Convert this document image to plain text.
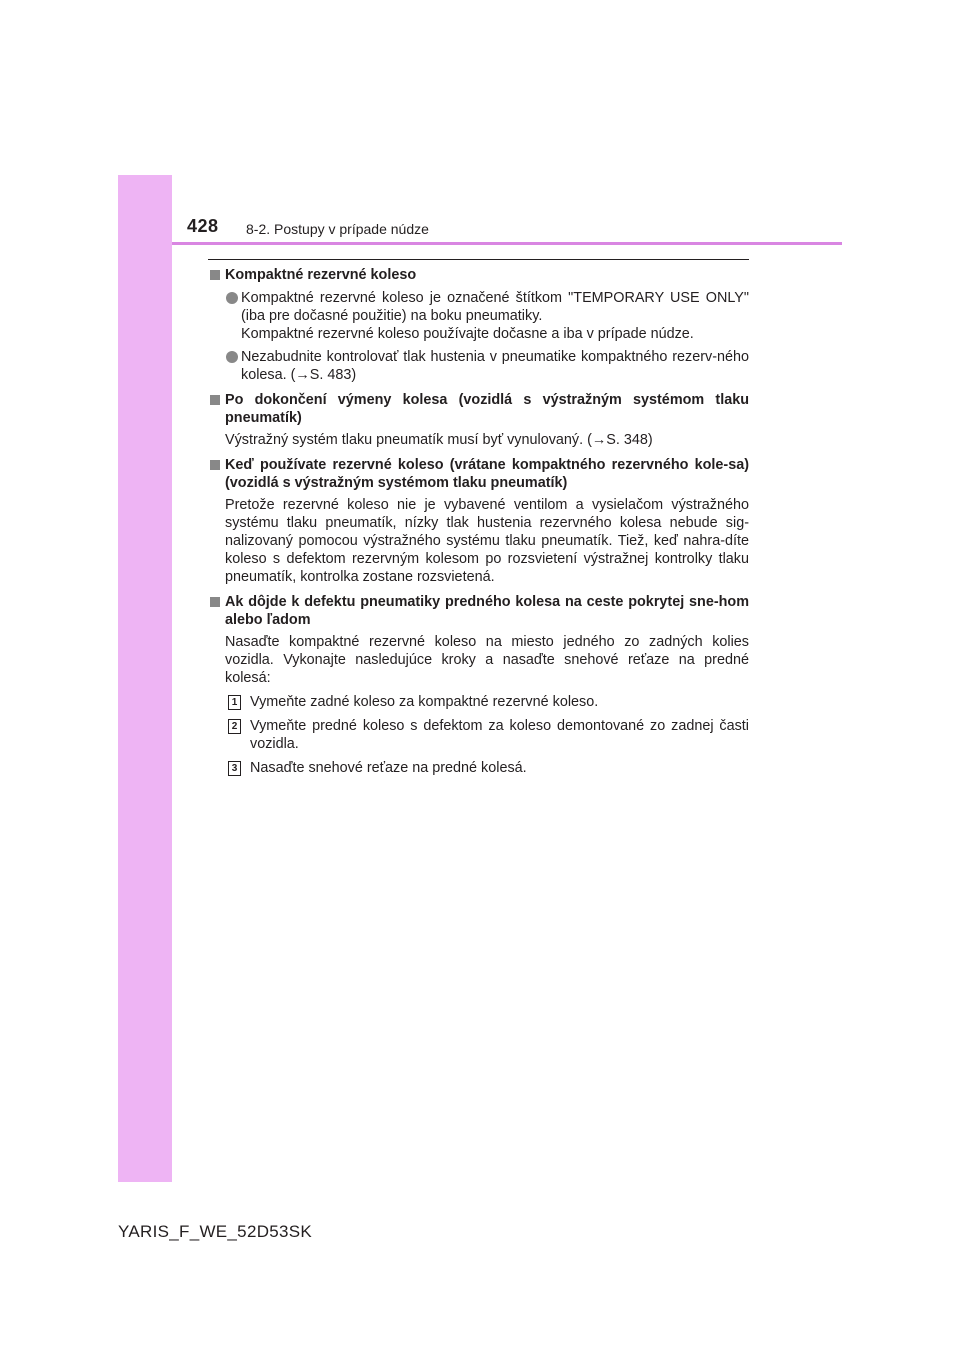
428 8-2. Postupy v prípade núdze
Kompaktné rezervné koleso
Kompaktné rezervné koleso je označené štítkom "TEMPORARY USE ONLY" (iba pre dočasné použitie) na boku pneumatiky.
Kompaktné rezervné koleso používajte dočasne a iba v prípade núdze.
Nezabudnite kontrolovať tlak hustenia v pneumatike kompaktného rezerv-ného kolesa. (→S. 483)
Po dokončení výmeny kolesa (vozidlá s výstražným systémom tlaku pneumatík)
Výstražný systém tlaku pneumatík musí byť vynulovaný. (→S. 348)
Keď používate rezervné koleso (vrátane kompaktného rezervného kole-sa) (vozidlá s výstražným systémom tlaku pneumatík)
Pretože rezervné koleso nie je vybavené ventilom a vysielačom výstražného systému tlaku pneumatík, nízky tlak hustenia rezervného kolesa nebude sig-nalizovaný pomocou výstražného systému tlaku pneumatík. Tiež, keď nahra-díte koleso s defektom rezervným kolesom po rozsvietení výstražnej kontrolky tlaku pneumatík, kontrolka zostane rozsvietená.
Ak dôjde k defektu pneumatiky predného kolesa na ceste pokrytej sne-hom alebo ľadom
Nasaďte kompaktné rezervné koleso na miesto jedného zo zadných kolies vozidla. Vykonajte nasledujúce kroky a nasaďte snehové reťaze na predné kolesá:
1 Vymeňte zadné koleso za kompaktné rezervné koleso.
2 Vymeňte predné koleso s defektom za koleso demontované zo zadnej časti vozidla.
3 Nasaďte snehové reťaze na predné kolesá.
YARIS_F_WE_52D53SK
